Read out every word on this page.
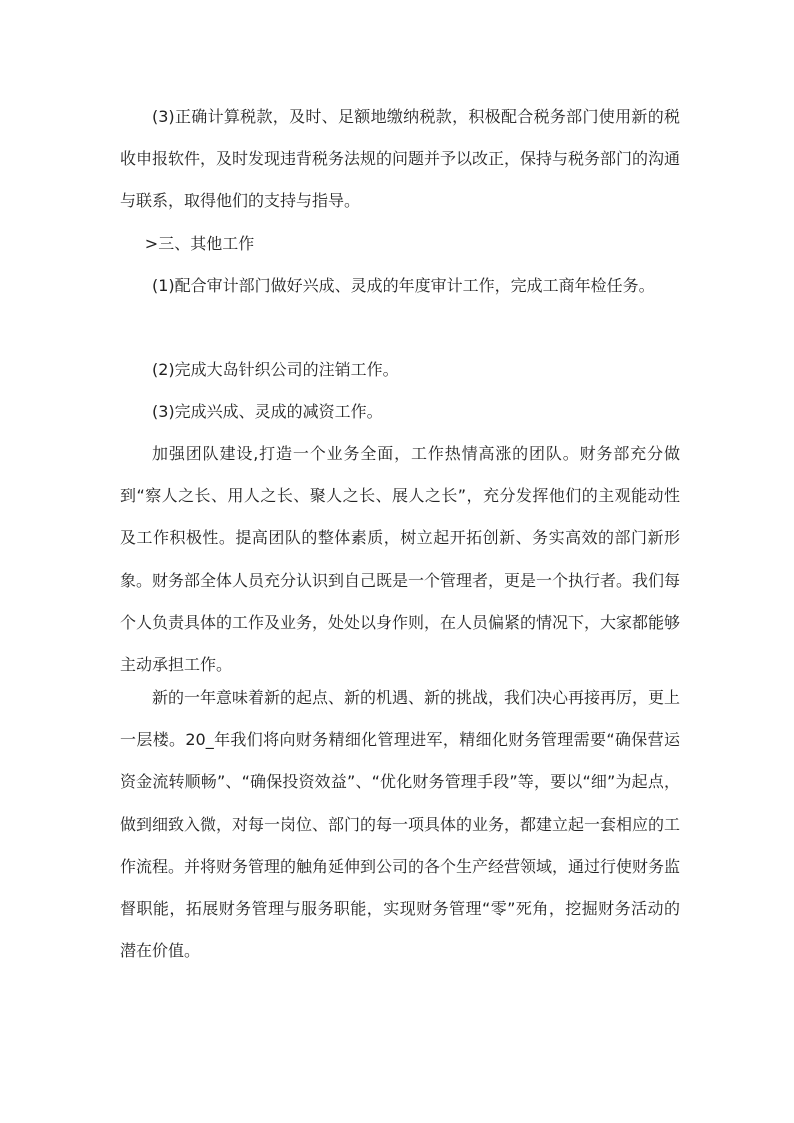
(3)正确计算税款，及时、足额地缴纳税款，积极配合税务部门使用新的税收申报软件，及时发现违背税务法规的问题并予以改正，保持与税务部门的沟通与联系，取得他们的支持与指导。

>三、其他工作

(1)配合审计部门做好兴成、灵成的年度审计工作，完成工商年检任务。

(2)完成大岛针织公司的注销工作。

(3)完成兴成、灵成的减资工作。

加强团队建设,打造一个业务全面，工作热情高涨的团队。财务部充分做到“察人之长、用人之长、聚人之长、展人之长”，充分发挥他们的主观能动性及工作积极性。提高团队的整体素质，树立起开拓创新、务实高效的部门新形象。财务部全体人员充分认识到自己既是一个管理者，更是一个执行者。我们每个人负责具体的工作及业务，处处以身作则，在人员偏紧的情况下，大家都能够主动承担工作。

新的一年意味着新的起点、新的机遇、新的挑战，我们决心再接再厉，更上一层楼。20_年我们将向财务精细化管理进军，精细化财务管理需要“确保营运资金流转顺畅”、“确保投资效益”、“优化财务管理手段”等，要以“细”为起点，做到细致入微，对每一岗位、部门的每一项具体的业务，都建立起一套相应的工作流程。并将财务管理的触角延伸到公司的各个生产经营领域，通过行使财务监督职能，拓展财务管理与服务职能，实现财务管理“零”死角，挖掘财务活动的潜在价值。
